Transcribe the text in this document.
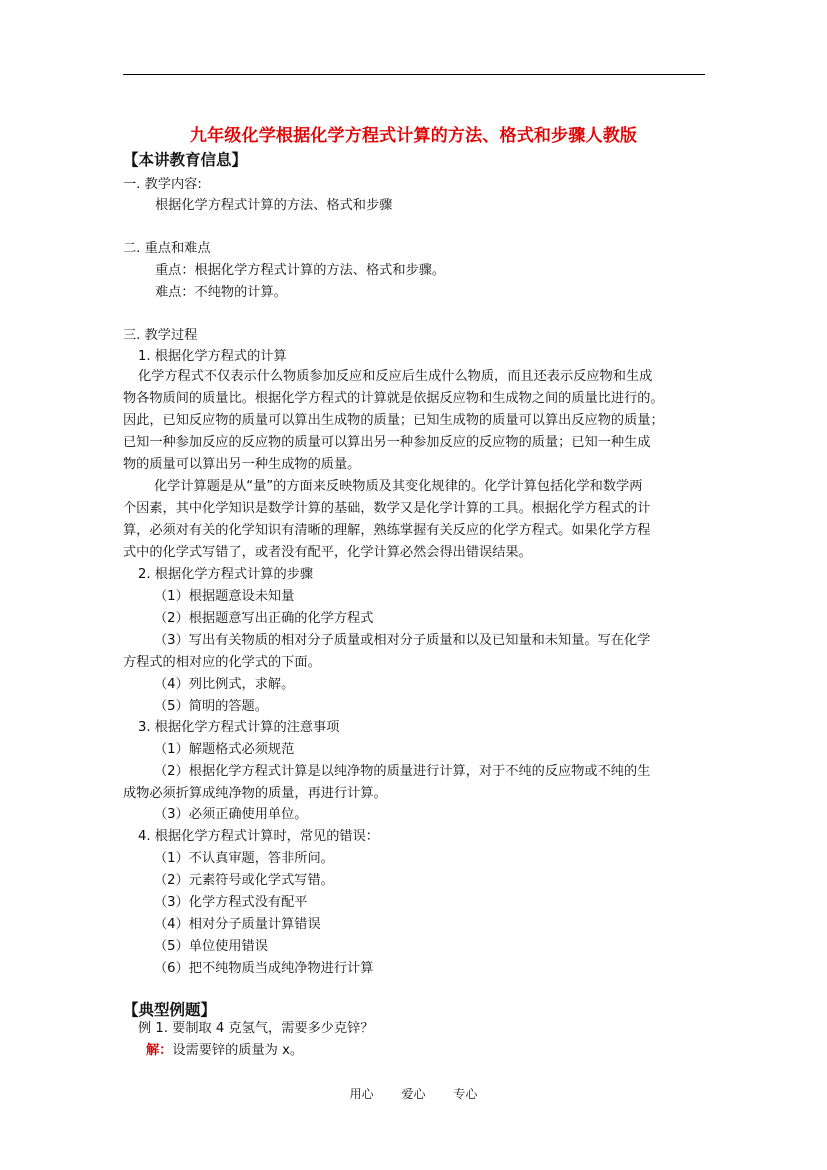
九年级化学根据化学方程式计算的方法、格式和步骤人教版
【本讲教育信息】
一. 教学内容:
根据化学方程式计算的方法、格式和步骤
二. 重点和难点
重点：根据化学方程式计算的方法、格式和步骤。
难点：不纯物的计算。
三. 教学过程
1. 根据化学方程式的计算
化学方程式不仅表示什么物质参加反应和反应后生成什么物质，而且还表示反应物和生成
物各物质间的质量比。根据化学方程式的计算就是依据反应物和生成物之间的质量比进行的。
因此，已知反应物的质量可以算出生成物的质量；已知生成物的质量可以算出反应物的质量；
已知一种参加反应的反应物的质量可以算出另一种参加反应的反应物的质量；已知一种生成
物的质量可以算出另一种生成物的质量。
化学计算题是从“量”的方面来反映物质及其变化规律的。化学计算包括化学和数学两
个因素，其中化学知识是数学计算的基础，数学又是化学计算的工具。根据化学方程式的计
算，必须对有关的化学知识有清晰的理解，熟练掌握有关反应的化学方程式。如果化学方程
式中的化学式写错了，或者没有配平，化学计算必然会得出错误结果。
2. 根据化学方程式计算的步骤
（1）根据题意设未知量
（2）根据题意写出正确的化学方程式
（3）写出有关物质的相对分子质量或相对分子质量和以及已知量和未知量。写在化学
方程式的相对应的化学式的下面。
（4）列比例式，求解。
（5）简明的答题。
3. 根据化学方程式计算的注意事项
（1）解题格式必须规范
（2）根据化学方程式计算是以纯净物的质量进行计算，对于不纯的反应物或不纯的生
成物必须折算成纯净物的质量，再进行计算。
（3）必须正确使用单位。
4. 根据化学方程式计算时，常见的错误：
（1）不认真审题，答非所问。
（2）元素符号或化学式写错。
（3）化学方程式没有配平
（4）相对分子质量计算错误
（5）单位使用错误
（6）把不纯物质当成纯净物进行计算
【典型例题】
例 1. 要制取 4 克氢气，需要多少克锌？
解：设需要锌的质量为 x。
用心 爱心 专心
